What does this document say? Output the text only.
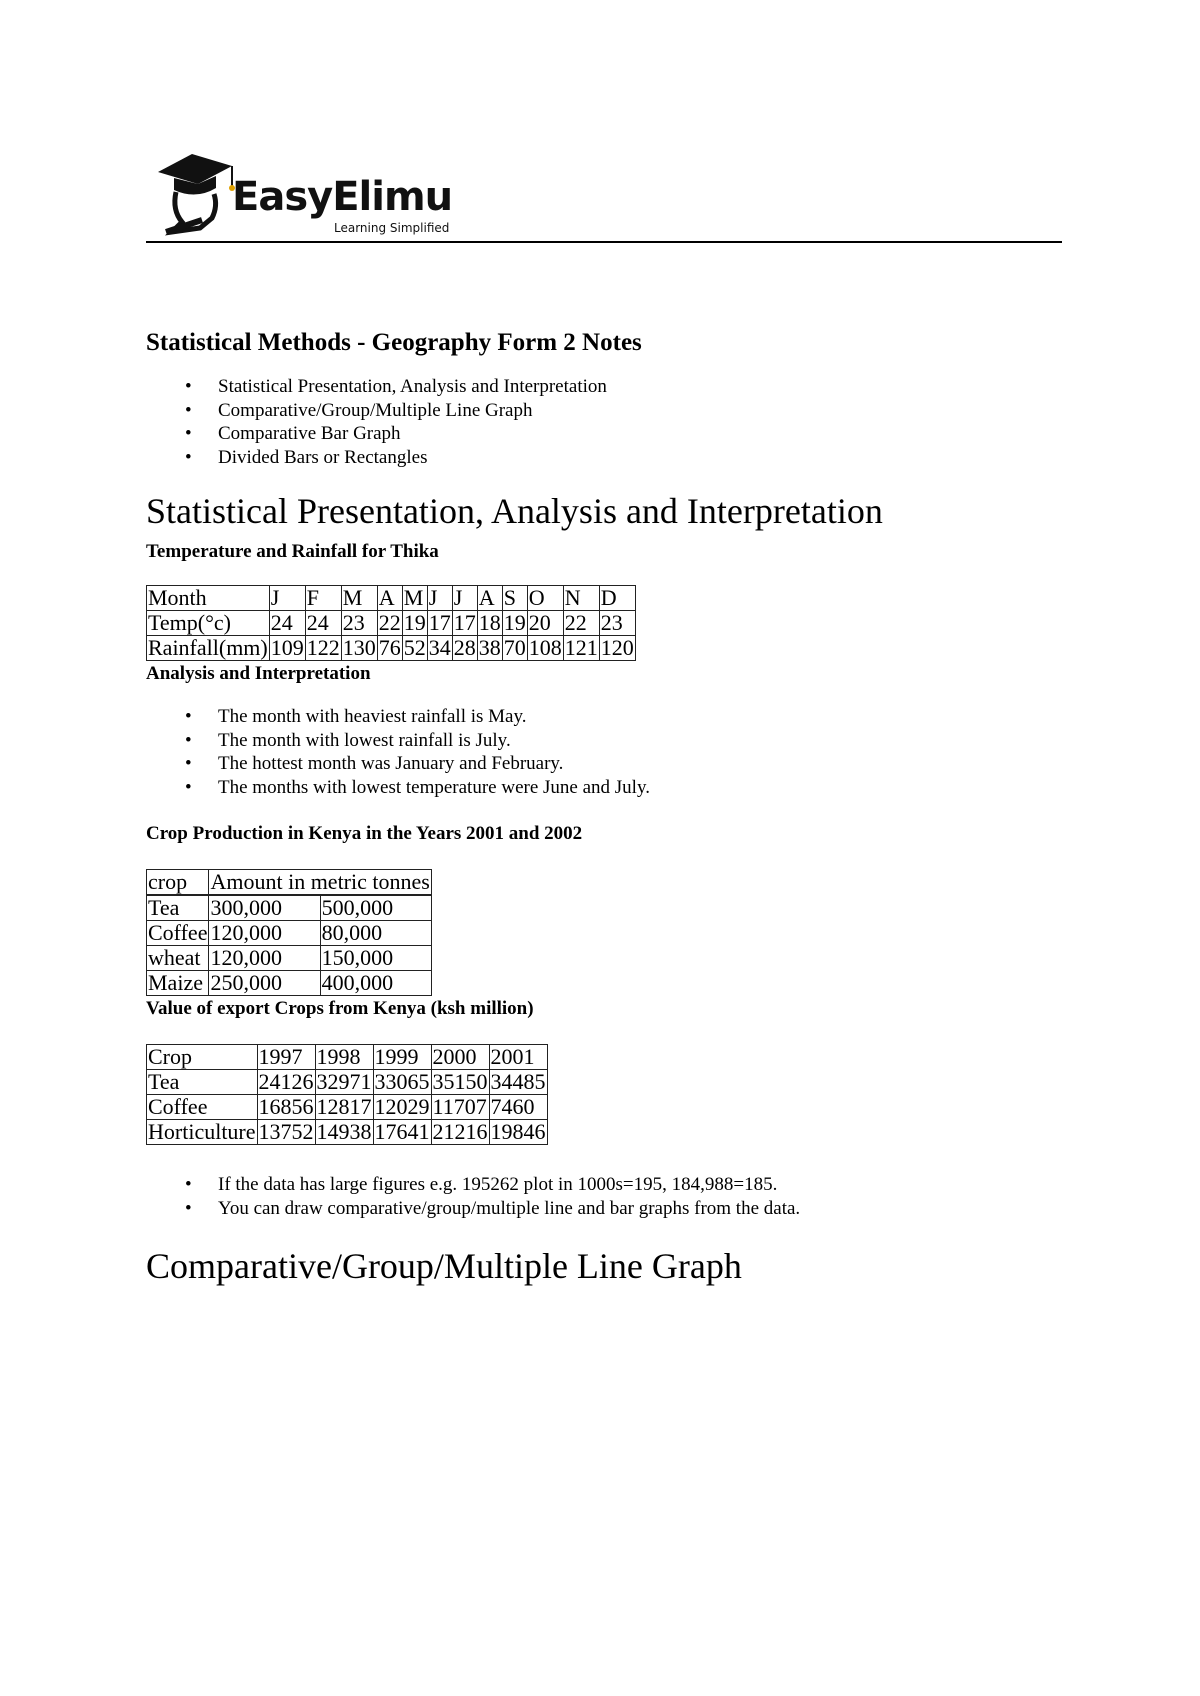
EasyElimu
Learning Simplified
Statistical Methods - Geography Form 2 Notes
• Statistical Presentation, Analysis and Interpretation
• Comparative/Group/Multiple Line Graph
• Comparative Bar Graph
• Divided Bars or Rectangles
Statistical Presentation, Analysis and Interpretation

Temperature and Rainfall for Thika

Month	J	F	M	A	M	J	J	A	S	O	N	D
Temp(°c)	24	24	23	22	19	17	17	18	19	20	22	23
Rainfall(mm)	109	122	130	76	52	34	28	38	70	108	121	120

Analysis and Interpretation

• The month with heaviest rainfall is May.
• The month with lowest rainfall is July.
• The hottest month was January and February.
• The months with lowest temperature were June and July.

Crop Production in Kenya in the Years 2001 and 2002

crop	Amount in metric tonnes	

Tea	300,000	500,000
Coffee	120,000	80,000
wheat	120,000	150,000
Maize	250,000	400,000

Value of export Crops from Kenya (ksh million)

Crop	1997	1998	1999	2000	2001
Tea	24126	32971	33065	35150	34485
Coffee	16856	12817	12029	11707	7460
Horticulture	13752	14938	17641	21216	19846
• If the data has large figures e.g. 195262 plot in 1000s=195, 184,988=185.
• You can draw comparative/group/multiple line and bar graphs from the data.
Comparative/Group/Multiple Line Graph
